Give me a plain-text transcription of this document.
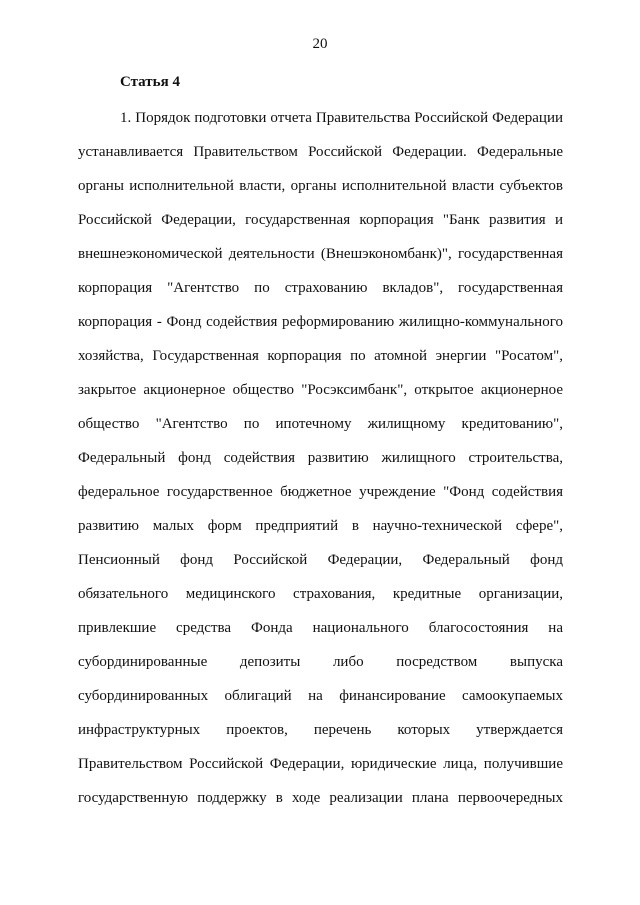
20
Статья 4
1. Порядок подготовки отчета Правительства Российской Федерации
устанавливается Правительством Российской Федерации. Федеральные
органы исполнительной власти, органы исполнительной власти субъектов
Российской Федерации, государственная корпорация "Банк развития и
внешнеэкономической деятельности (Внешэкономбанк)", государственная
корпорация "Агентство по страхованию вкладов", государственная
корпорация - Фонд содействия реформированию жилищно-коммунального
хозяйства, Государственная корпорация по атомной энергии "Росатом",
закрытое акционерное общество "Росэксимбанк", открытое акционерное
общество "Агентство по ипотечному жилищному кредитованию",
Федеральный фонд содействия развитию жилищного строительства,
федеральное государственное бюджетное учреждение "Фонд содействия
развитию малых форм предприятий в научно-технической сфере",
Пенсионный фонд Российской Федерации, Федеральный фонд
обязательного медицинского страхования, кредитные организации,
привлекшие средства Фонда национального благосостояния на
субординированные депозиты либо посредством выпуска
субординированных облигаций на финансирование самоокупаемых
инфраструктурных проектов, перечень которых утверждается
Правительством Российской Федерации, юридические лица, получившие
государственную поддержку в ходе реализации плана первоочередных
